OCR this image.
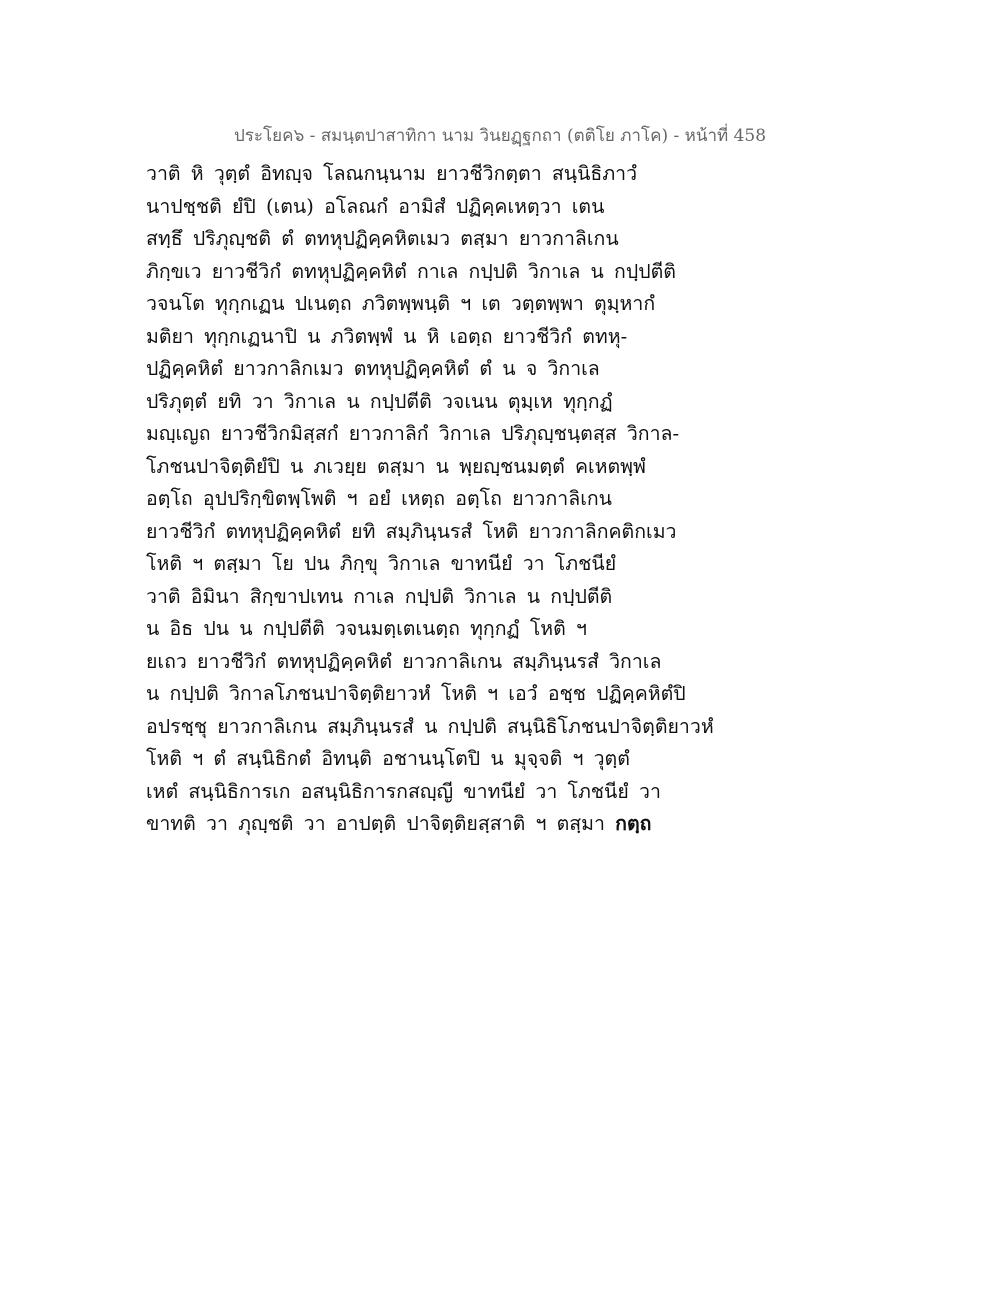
ประโยค๖ - สมนฺตปาสาทิกา นาม วินยฏฺฐกถา (ตติโย ภาโค) - หน้าที่ 458
วาติ หิ วุตฺตํ อิทญฺจ โลณกนฺนาม ยาวชีวิกตฺตา สนฺนิธิภาวํ
นาปชฺชติ ยํปิ (เตน) อโลณกํ อามิสํ ปฏิคฺคเหตฺวา เตน
สทฺธึ ปริภุญฺชติ ตํ ตทหุปฏิคฺคหิตเมว ตสฺมา ยาวกาลิเกน
ภิกฺขเว ยาวชีวิกํ ตทหุปฏิคฺคหิตํ กาเล กปฺปติ วิกาเล น กปฺปตีติ
วจนโต ทุกฺกเฏน ปเนตฺถ ภวิตพฺพนฺติ ฯ เต วตฺตพฺพา ตุมฺหากํ
มติยา ทุกฺกเฏนาปิ น ภวิตพฺพํ น หิ เอตฺถ ยาวชีวิกํ ตทหุ-
ปฏิคฺคหิตํ ยาวกาลิกเมว ตทหุปฏิคฺคหิตํ ตํ น จ วิกาเล
ปริภุตฺตํ ยทิ วา วิกาเล น กปฺปตีติ วจเนน ตุมฺเห ทุกฺกฏํ
มญฺเญถ ยาวชีวิกมิสฺสกํ ยาวกาลิกํ วิกาเล ปริภุญฺชนฺตสฺส วิกาล-
โภชนปาจิตฺติยํปิ น ภเวยฺย ตสฺมา น พฺยญฺชนมตฺตํ คเหตพฺพํ
อตฺโถ อุปปริกฺขิตพฺโพติ ฯ อยํ เหตฺถ อตฺโถ ยาวกาลิเกน
ยาวชีวิกํ ตทหุปฏิคฺคหิตํ ยทิ สมฺภินฺนรสํ โหติ ยาวกาลิกคติกเมว
โหติ ฯ ตสฺมา โย ปน ภิกฺขุ วิกาเล ขาทนียํ วา โภชนียํ
วาติ อิมินา สิกฺขาปเทน กาเล กปฺปติ วิกาเล น กปฺปตีติ
น อิธ ปน น กปฺปตีติ วจนมตฺเตเนตฺถ ทุกฺกฏํ โหติ ฯ
ยเถว ยาวชีวิกํ ตทหุปฏิคฺคหิตํ ยาวกาลิเกน สมฺภินฺนรสํ วิกาเล
น กปฺปติ วิกาลโภชนปาจิตฺติยาวหํ โหติ ฯ เอวํ อชฺช ปฏิคฺคหิตํปิ
อปรชฺชุ ยาวกาลิเกน สมฺภินฺนรสํ น กปฺปติ สนฺนิธิโภชนปาจิตฺติยาวหํ
โหติ ฯ ตํ สนฺนิธิกตํ อิทนฺติ อชานนฺโตปิ น มุจฺจติ ฯ วุตฺตํ
เหตํ สนฺนิธิการเก อสนฺนิธิการกสญฺญี ขาทนียํ วา โภชนียํ วา
ขาทติ วา ภุญฺชติ วา อาปตฺติ ปาจิตฺติยสฺสาติ ฯ ตสฺมา กตฺถ
